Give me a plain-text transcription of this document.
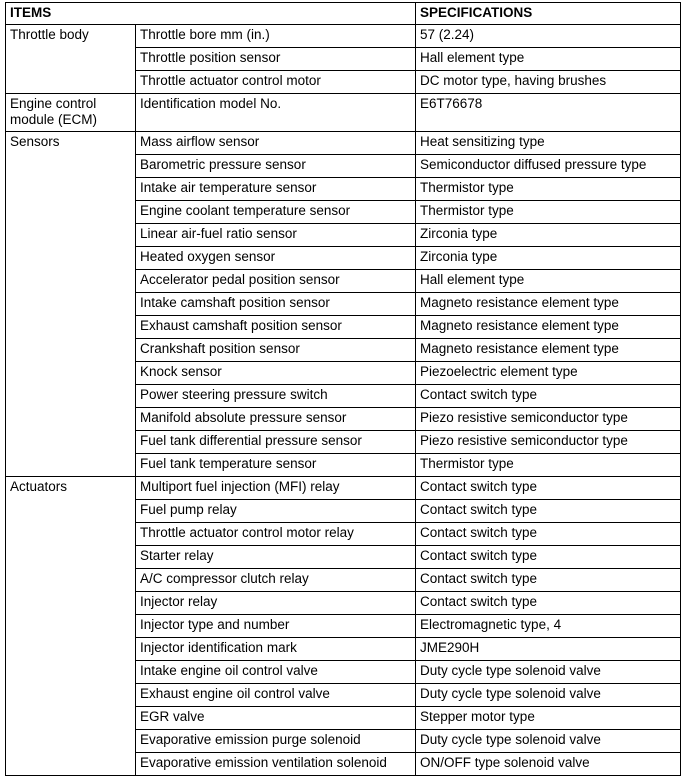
ITEMS		SPECIFICATIONS
Throttle body	Throttle bore mm (in.)	57 (2.24)
	Throttle position sensor	Hall element type
	Throttle actuator control motor	DC motor type, having brushes
Engine control module (ECM)	Identification model No.	E6T76678
Sensors	Mass airflow sensor	Heat sensitizing type
	Barometric pressure sensor	Semiconductor diffused pressure type
	Intake air temperature sensor	Thermistor type
	Engine coolant temperature sensor	Thermistor type
	Linear air-fuel ratio sensor	Zirconia type
	Heated oxygen sensor	Zirconia type
	Accelerator pedal position sensor	Hall element type
	Intake camshaft position sensor	Magneto resistance element type
	Exhaust camshaft position sensor	Magneto resistance element type
	Crankshaft position sensor	Magneto resistance element type
	Knock sensor	Piezoelectric element type
	Power steering pressure switch	Contact switch type
	Manifold absolute pressure sensor	Piezo resistive semiconductor type
	Fuel tank differential pressure sensor	Piezo resistive semiconductor type
	Fuel tank temperature sensor	Thermistor type
Actuators	Multiport fuel injection (MFI) relay	Contact switch type
	Fuel pump relay	Contact switch type
	Throttle actuator control motor relay	Contact switch type
	Starter relay	Contact switch type
	A/C compressor clutch relay	Contact switch type
	Injector relay	Contact switch type
	Injector type and number	Electromagnetic type, 4
	Injector identification mark	JME290H
	Intake engine oil control valve	Duty cycle type solenoid valve
	Exhaust engine oil control valve	Duty cycle type solenoid valve
	EGR valve	Stepper motor type
	Evaporative emission purge solenoid	Duty cycle type solenoid valve
	Evaporative emission ventilation solenoid	ON/OFF type solenoid valve
